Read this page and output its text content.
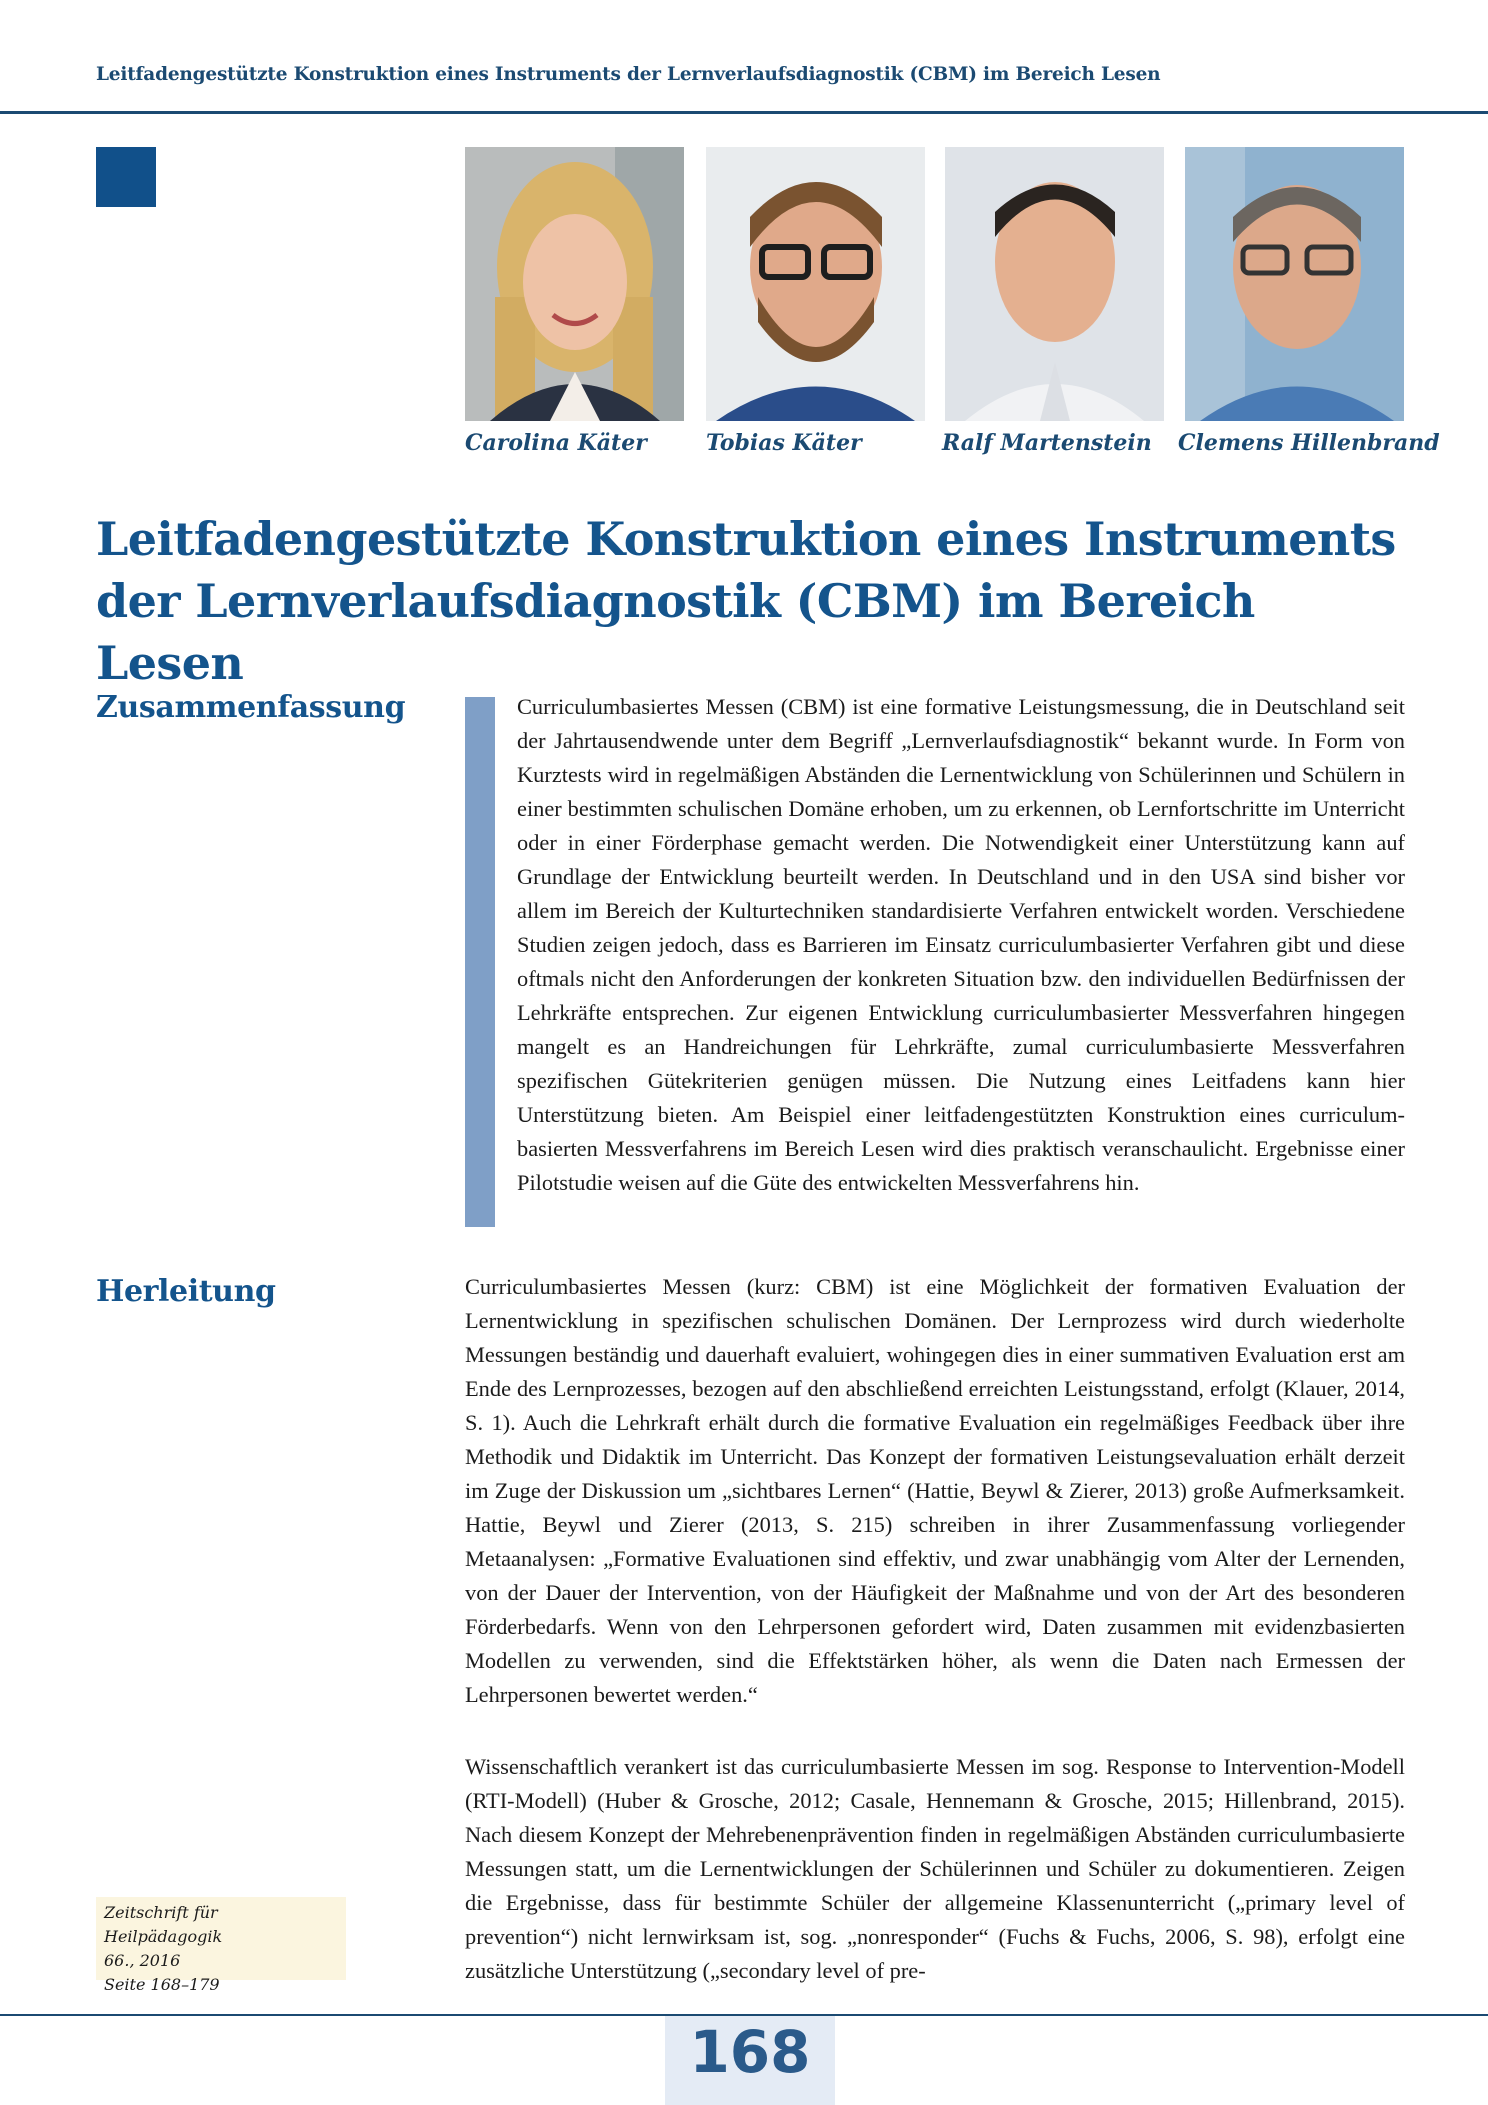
Leitfadengestützte Konstruktion eines Instruments der Lernverlaufsdiagnostik (CBM) im Bereich Lesen
Carolina Käter	Tobias Käter	Ralf Martenstein Clemens Hillenbrand
Leitfadengestützte Konstruktion eines Instruments
der Lernverlaufsdiagnostik (CBM) im Bereich Lesen
Zusammenfassung	Curriculumbasiertes Messen (CBM) ist eine formative Leistungsmessung, die in Deutschland seit der Jahrtausendwende unter dem Begriff „Lernverlaufsdiagnostik“ bekannt wurde. In Form von Kurztests wird in regelmäßigen Abständen die Lernentwicklung von Schülerinnen und Schülern in einer bestimmten schulischen Domäne erhoben, um zu erkennen, ob Lernfortschritte im Unterricht oder in einer Förderphase gemacht werden. Die Notwendigkeit einer Unterstützung kann auf Grundlage der Entwicklung beurteilt werden. In Deutschland und in den USA sind bisher vor allem im Bereich der Kulturtechniken standardisierte Verfahren entwickelt worden. Verschiedene Studien zeigen jedoch, dass es Barrieren im Einsatz curriculumbasierter Verfahren gibt und diese oftmals nicht den Anforderungen der konkreten Situation bzw. den individuellen Bedürfnissen der Lehrkräfte entsprechen. Zur eigenen Entwicklung curriculumbasierter Messverfahren hingegen mangelt es an Handreichungen für Lehrkräfte, zumal curriculumbasierte Messverfahren spezifischen Gütekriterien genügen müssen. Die Nutzung eines Leitfadens kann hier Unterstützung bieten. Am Beispiel einer leitfadengestützten Konstruktion eines curriculumbasierten Messverfahrens im Bereich Lesen wird dies praktisch veranschaulicht. Ergebnisse einer Pilotstudie weisen auf die Güte des entwickelten Messverfahrens hin.
Herleitung	Curriculumbasiertes Messen (kurz: CBM) ist eine Möglichkeit der formativen Evaluation der Lernentwicklung in spezifischen schulischen Domänen. Der Lernprozess wird durch wiederholte Messungen beständig und dauerhaft evaluiert, wohingegen dies in einer summativen Evaluation erst am Ende des Lernprozesses, bezogen auf den abschließend erreichten Leistungsstand, erfolgt (Klauer, 2014, S. 1). Auch die Lehrkraft erhält durch die formative Evaluation ein regelmäßiges Feedback über ihre Methodik und Didaktik im Unterricht. Das Konzept der formativen Leistungsevaluation erhält derzeit im Zuge der Diskussion um „sichtbares Lernen“ (Hattie, Beywl & Zierer, 2013) große Aufmerksamkeit. Hattie, Beywl und Zierer (2013, S. 215) schreiben in ihrer Zusammenfassung vorliegender Metaanalysen: „Formative Evaluationen sind effektiv, und zwar unabhängig vom Alter der Lernenden, von der Dauer der Intervention, von der Häufigkeit der Maßnahme und von der Art des besonderen Förderbedarfs. Wenn von den Lehrpersonen gefordert wird, Daten zusammen mit evidenzbasierten Modellen zu verwenden, sind die Effektstärken höher, als wenn die Daten nach Ermessen der Lehrpersonen bewertet werden.“
Wissenschaftlich verankert ist das curriculumbasierte Messen im sog. Response to Intervention-Modell (RTI-Modell) (Huber & Grosche, 2012; Casale, Hennemann & Grosche, 2015; Hillenbrand, 2015). Nach diesem Konzept der Mehrebenenprävention finden in regelmäßigen Abständen curriculumbasierte Messungen statt, um die Lernentwicklungen der Schülerinnen und Schüler zu dokumentieren. Zeigen die Ergebnisse, dass für bestimmte Schüler der allgemeine Klassenunterricht („primary level of prevention“) nicht lernwirksam ist, sog. „nonresponder“ (Fuchs & Fuchs, 2006, S. 98), erfolgt eine zusätzliche Unterstützung („secondary level of pre-
Zeitschrift für Heilpädagogik
66., 2016
Seite 168–179
168
